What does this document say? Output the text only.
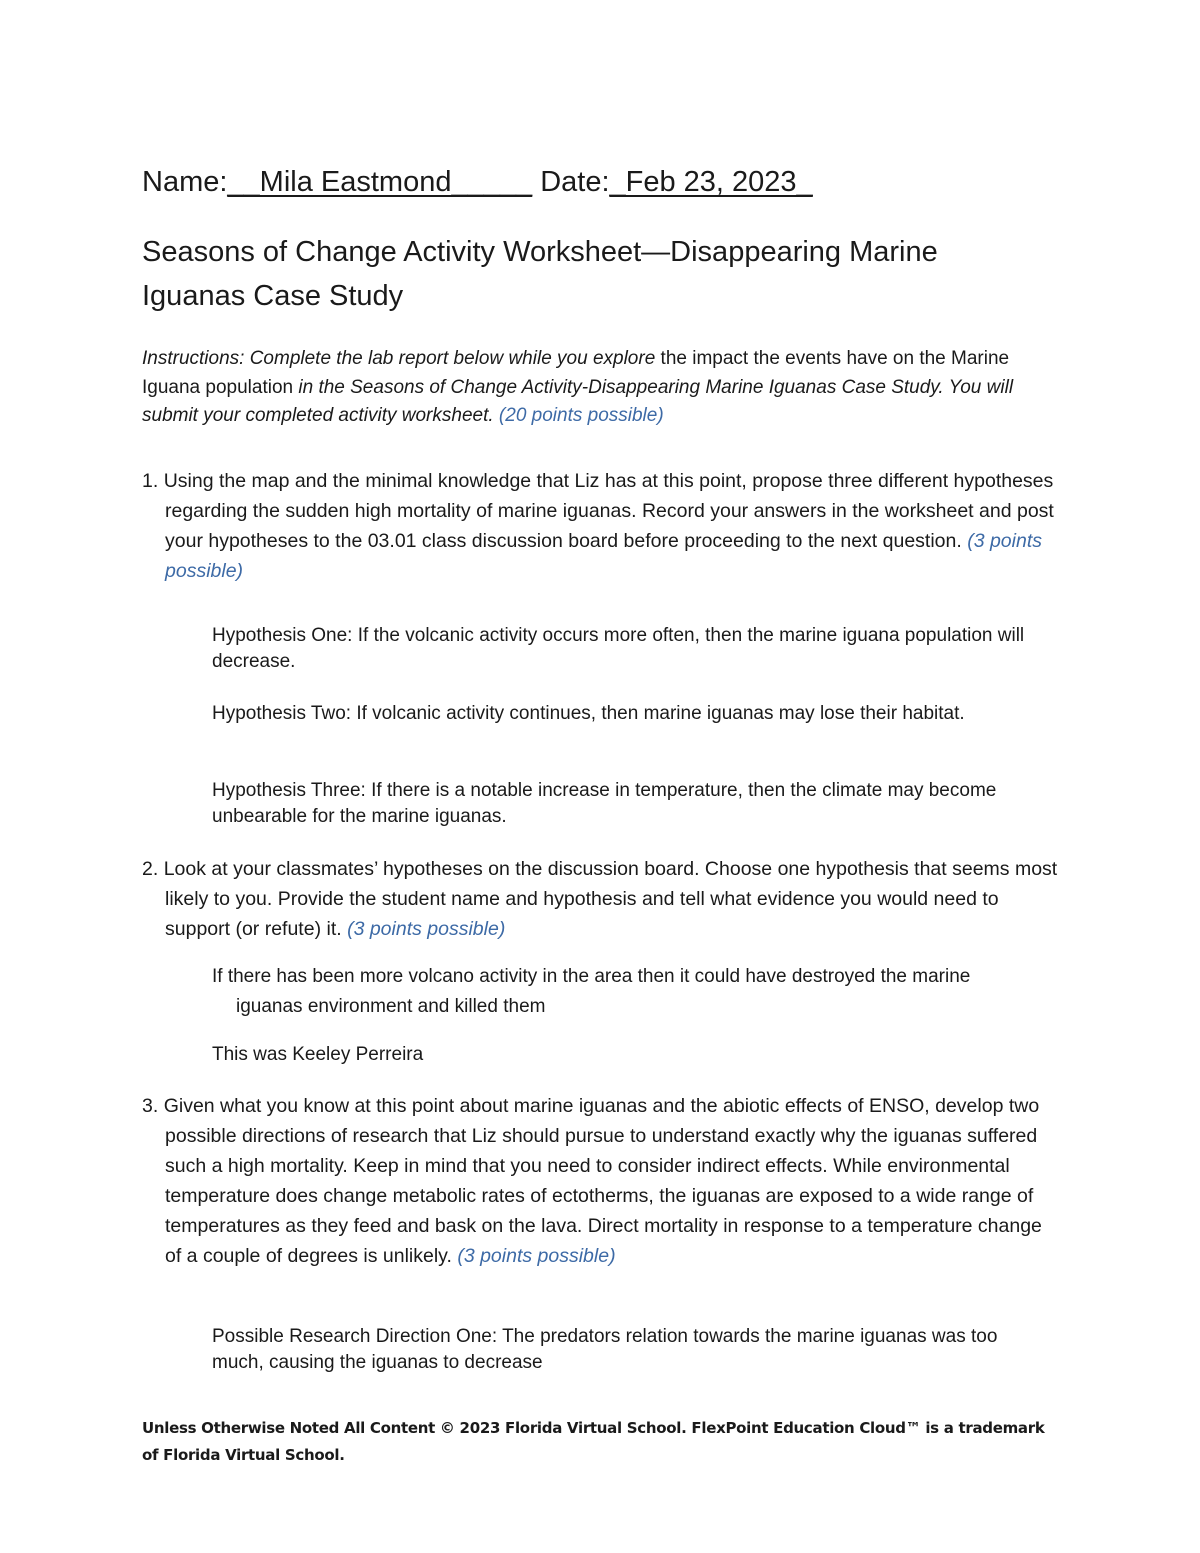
Name:__Mila Eastmond_____ Date:_Feb 23, 2023_
Seasons of Change Activity Worksheet—Disappearing Marine Iguanas Case Study
Instructions: Complete the lab report below while you explore the impact the events have on the Marine Iguana population in the Seasons of Change Activity-Disappearing Marine Iguanas Case Study. You will submit your completed activity worksheet. (20 points possible)
1. Using the map and the minimal knowledge that Liz has at this point, propose three different hypotheses regarding the sudden high mortality of marine iguanas. Record your answers in the worksheet and post your hypotheses to the 03.01 class discussion board before proceeding to the next question. (3 points possible)
Hypothesis One: If the volcanic activity occurs more often, then the marine iguana population will decrease.
Hypothesis Two: If volcanic activity continues, then marine iguanas may lose their habitat.
Hypothesis Three: If there is a notable increase in temperature, then the climate may become unbearable for the marine iguanas.
2. Look at your classmates’ hypotheses on the discussion board. Choose one hypothesis that seems most likely to you. Provide the student name and hypothesis and tell what evidence you would need to support (or refute) it. (3 points possible)
If there has been more volcano activity in the area then it could have destroyed the marine iguanas environment and killed them
This was Keeley Perreira
3. Given what you know at this point about marine iguanas and the abiotic effects of ENSO, develop two possible directions of research that Liz should pursue to understand exactly why the iguanas suffered such a high mortality. Keep in mind that you need to consider indirect effects. While environmental temperature does change metabolic rates of ectotherms, the iguanas are exposed to a wide range of temperatures as they feed and bask on the lava. Direct mortality in response to a temperature change of a couple of degrees is unlikely. (3 points possible)
Possible Research Direction One: The predators relation towards the marine iguanas was too much, causing the iguanas to decrease
Unless Otherwise Noted All Content © 2023 Florida Virtual School. FlexPoint Education Cloud™ is a trademark of Florida Virtual School.
